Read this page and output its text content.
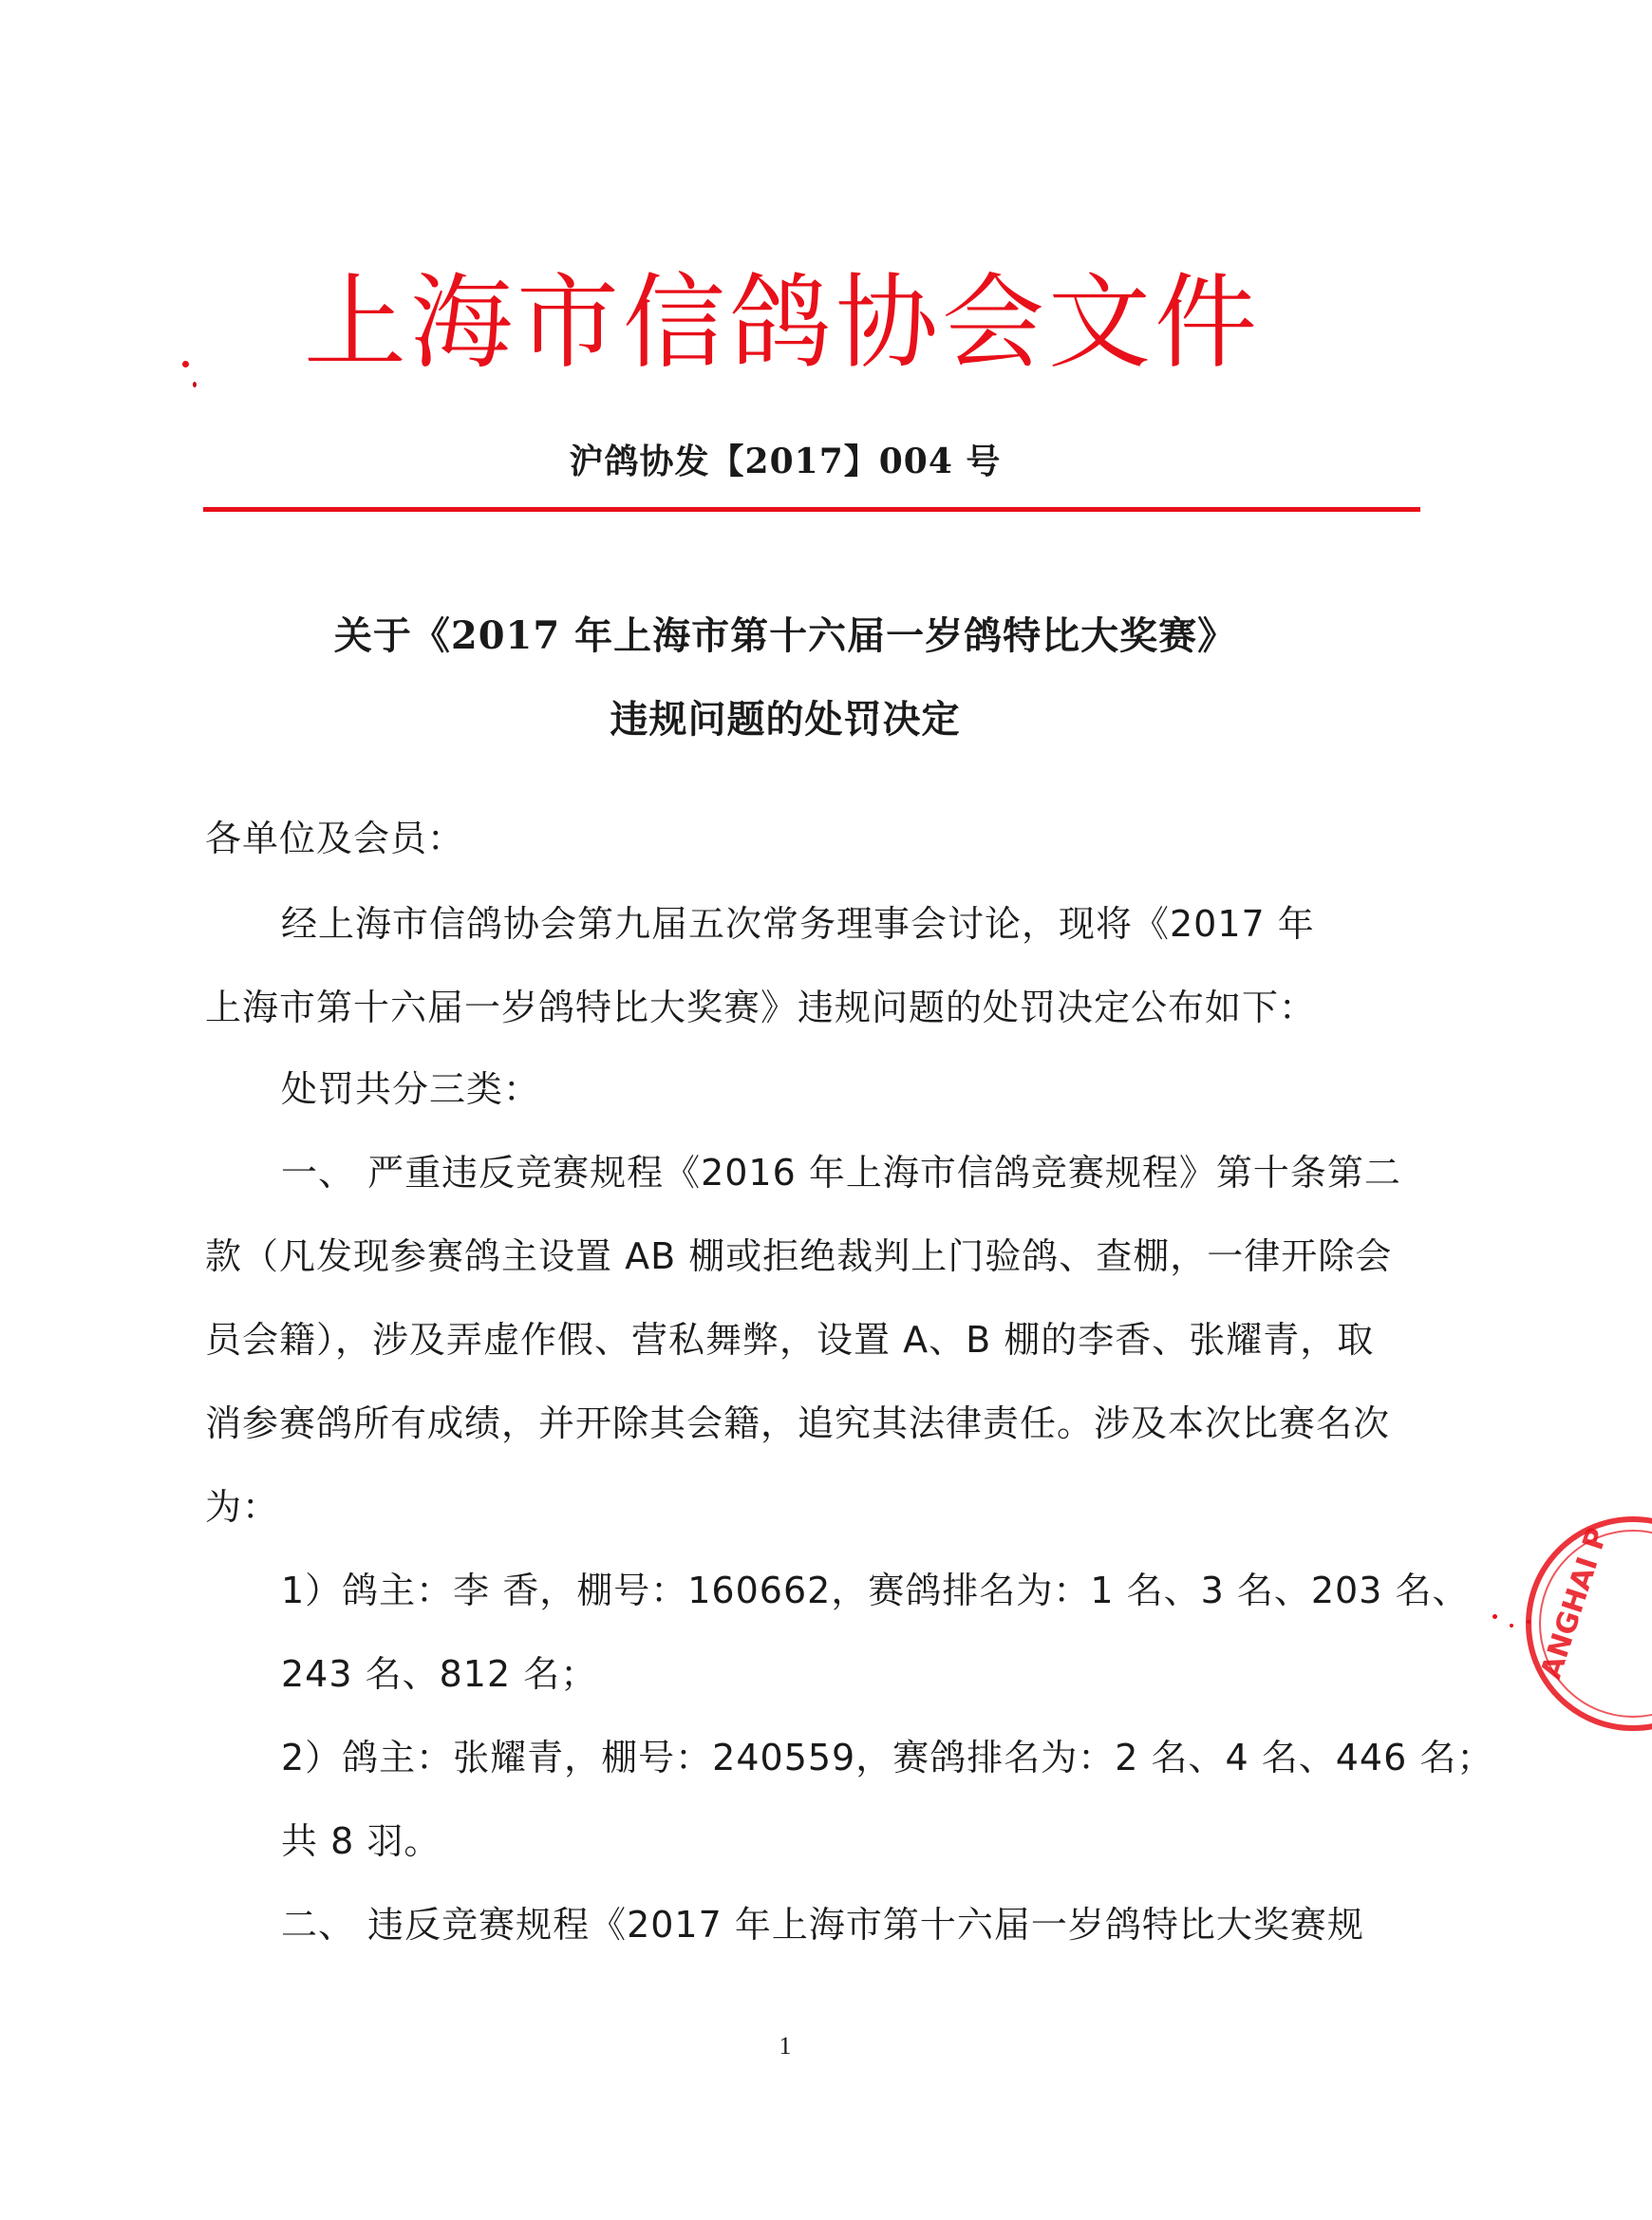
上海市信鸽协会文件
沪鸽协发【2017】004 号
关于《2017 年上海市第十六届一岁鸽特比大奖赛》
违规问题的处罚决定
各单位及会员：
经上海市信鸽协会第九届五次常务理事会讨论，现将《2017 年
上海市第十六届一岁鸽特比大奖赛》违规问题的处罚决定公布如下：
处罚共分三类：
一、 严重违反竞赛规程《2016 年上海市信鸽竞赛规程》第十条第二
款（凡发现参赛鸽主设置 AB 棚或拒绝裁判上门验鸽、查棚，一律开除会
员会籍），涉及弄虚作假、营私舞弊，设置 A、B 棚的李香、张耀青，取
消参赛鸽所有成绩，并开除其会籍，追究其法律责任。涉及本次比赛名次
为：
1）鸽主：李 香，棚号：160662，赛鸽排名为：1 名、3 名、203 名、
243 名、812 名；
2）鸽主：张耀青，棚号：240559，赛鸽排名为：2 名、4 名、446 名；
共 8 羽。
二、 违反竞赛规程《2017 年上海市第十六届一岁鸽特比大奖赛规
1
ANGHAI P
